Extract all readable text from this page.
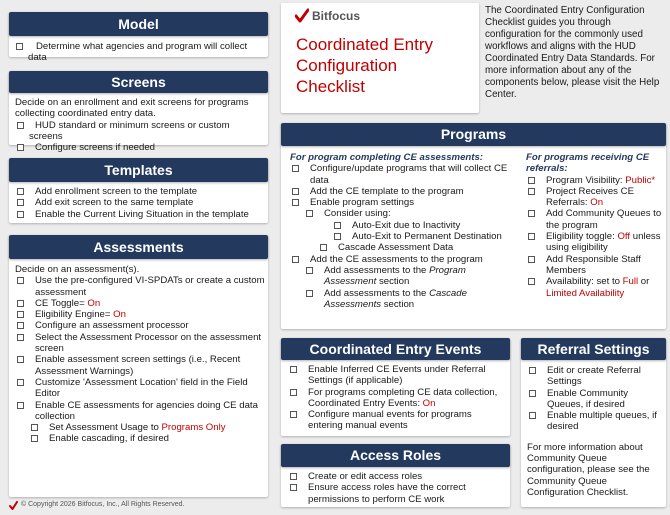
Bitfocus
Coordinated Entry
Configuration
Checklist
The Coordinated Entry Configuration Checklist guides you through configuration for the commonly used workflows and aligns with the HUD Coordinated Entry Data Standards. For more information about any of the components below, please visit the Help Center.
Model
Determine what agencies and program will collect data
Screens
Decide on an enrollment and exit screens for programs collecting coordinated entry data.
HUD standard or minimum screens or custom screens
Configure screens if needed
Templates
Add enrollment screen to the template
Add exit screen to the same template
Enable the Current Living Situation in the template
Assessments
Decide on an assessment(s).
Use the pre-configured VI-SPDATs or create a custom assessment
CE Toggle= On
Eligibility Engine= On
Configure an assessment processor
Select the Assessment Processor on the assessment screen
Enable assessment screen settings (i.e., Recent Assessment Warnings)
Customize 'Assessment Location' field in the Field Editor
Enable CE assessments for agencies doing CE data collection
Set Assessment Usage to Programs Only
Enable cascading, if desired
Programs
For program completing CE assessments:
Configure/update programs that will collect CE data
Add the CE template to the program
Enable program settings
Consider using:
Auto-Exit due to Inactivity
Auto-Exit to Permanent Destination
Cascade Assessment Data
Add the CE assessments to the program
Add assessments to the Program Assessment section
Add assessments to the Cascade Assessments section
For programs receiving CE referrals:
Program Visibility: Public*
Project Receives CE Referrals: On
Add Community Queues to the program
Eligibility toggle: Off unless using eligibility
Add Responsible Staff Members
Availability: set to Full or Limited Availability
Coordinated Entry Events
Enable Inferred CE Events under Referral Settings (if applicable)
For programs completing CE data collection, Coordinated Entry Events: On
Configure manual events for programs entering manual events
Access Roles
Create or edit access roles
Ensure access roles have the correct permissions to perform CE work
Referral Settings
Edit or create Referral Settings
Enable Community Queues, if desired
Enable multiple queues, if desired
For more information about Community Queue configuration, please see the Community Queue Configuration Checklist.
© Copyright 2026 Bitfocus, Inc., All Rights Reserved.
